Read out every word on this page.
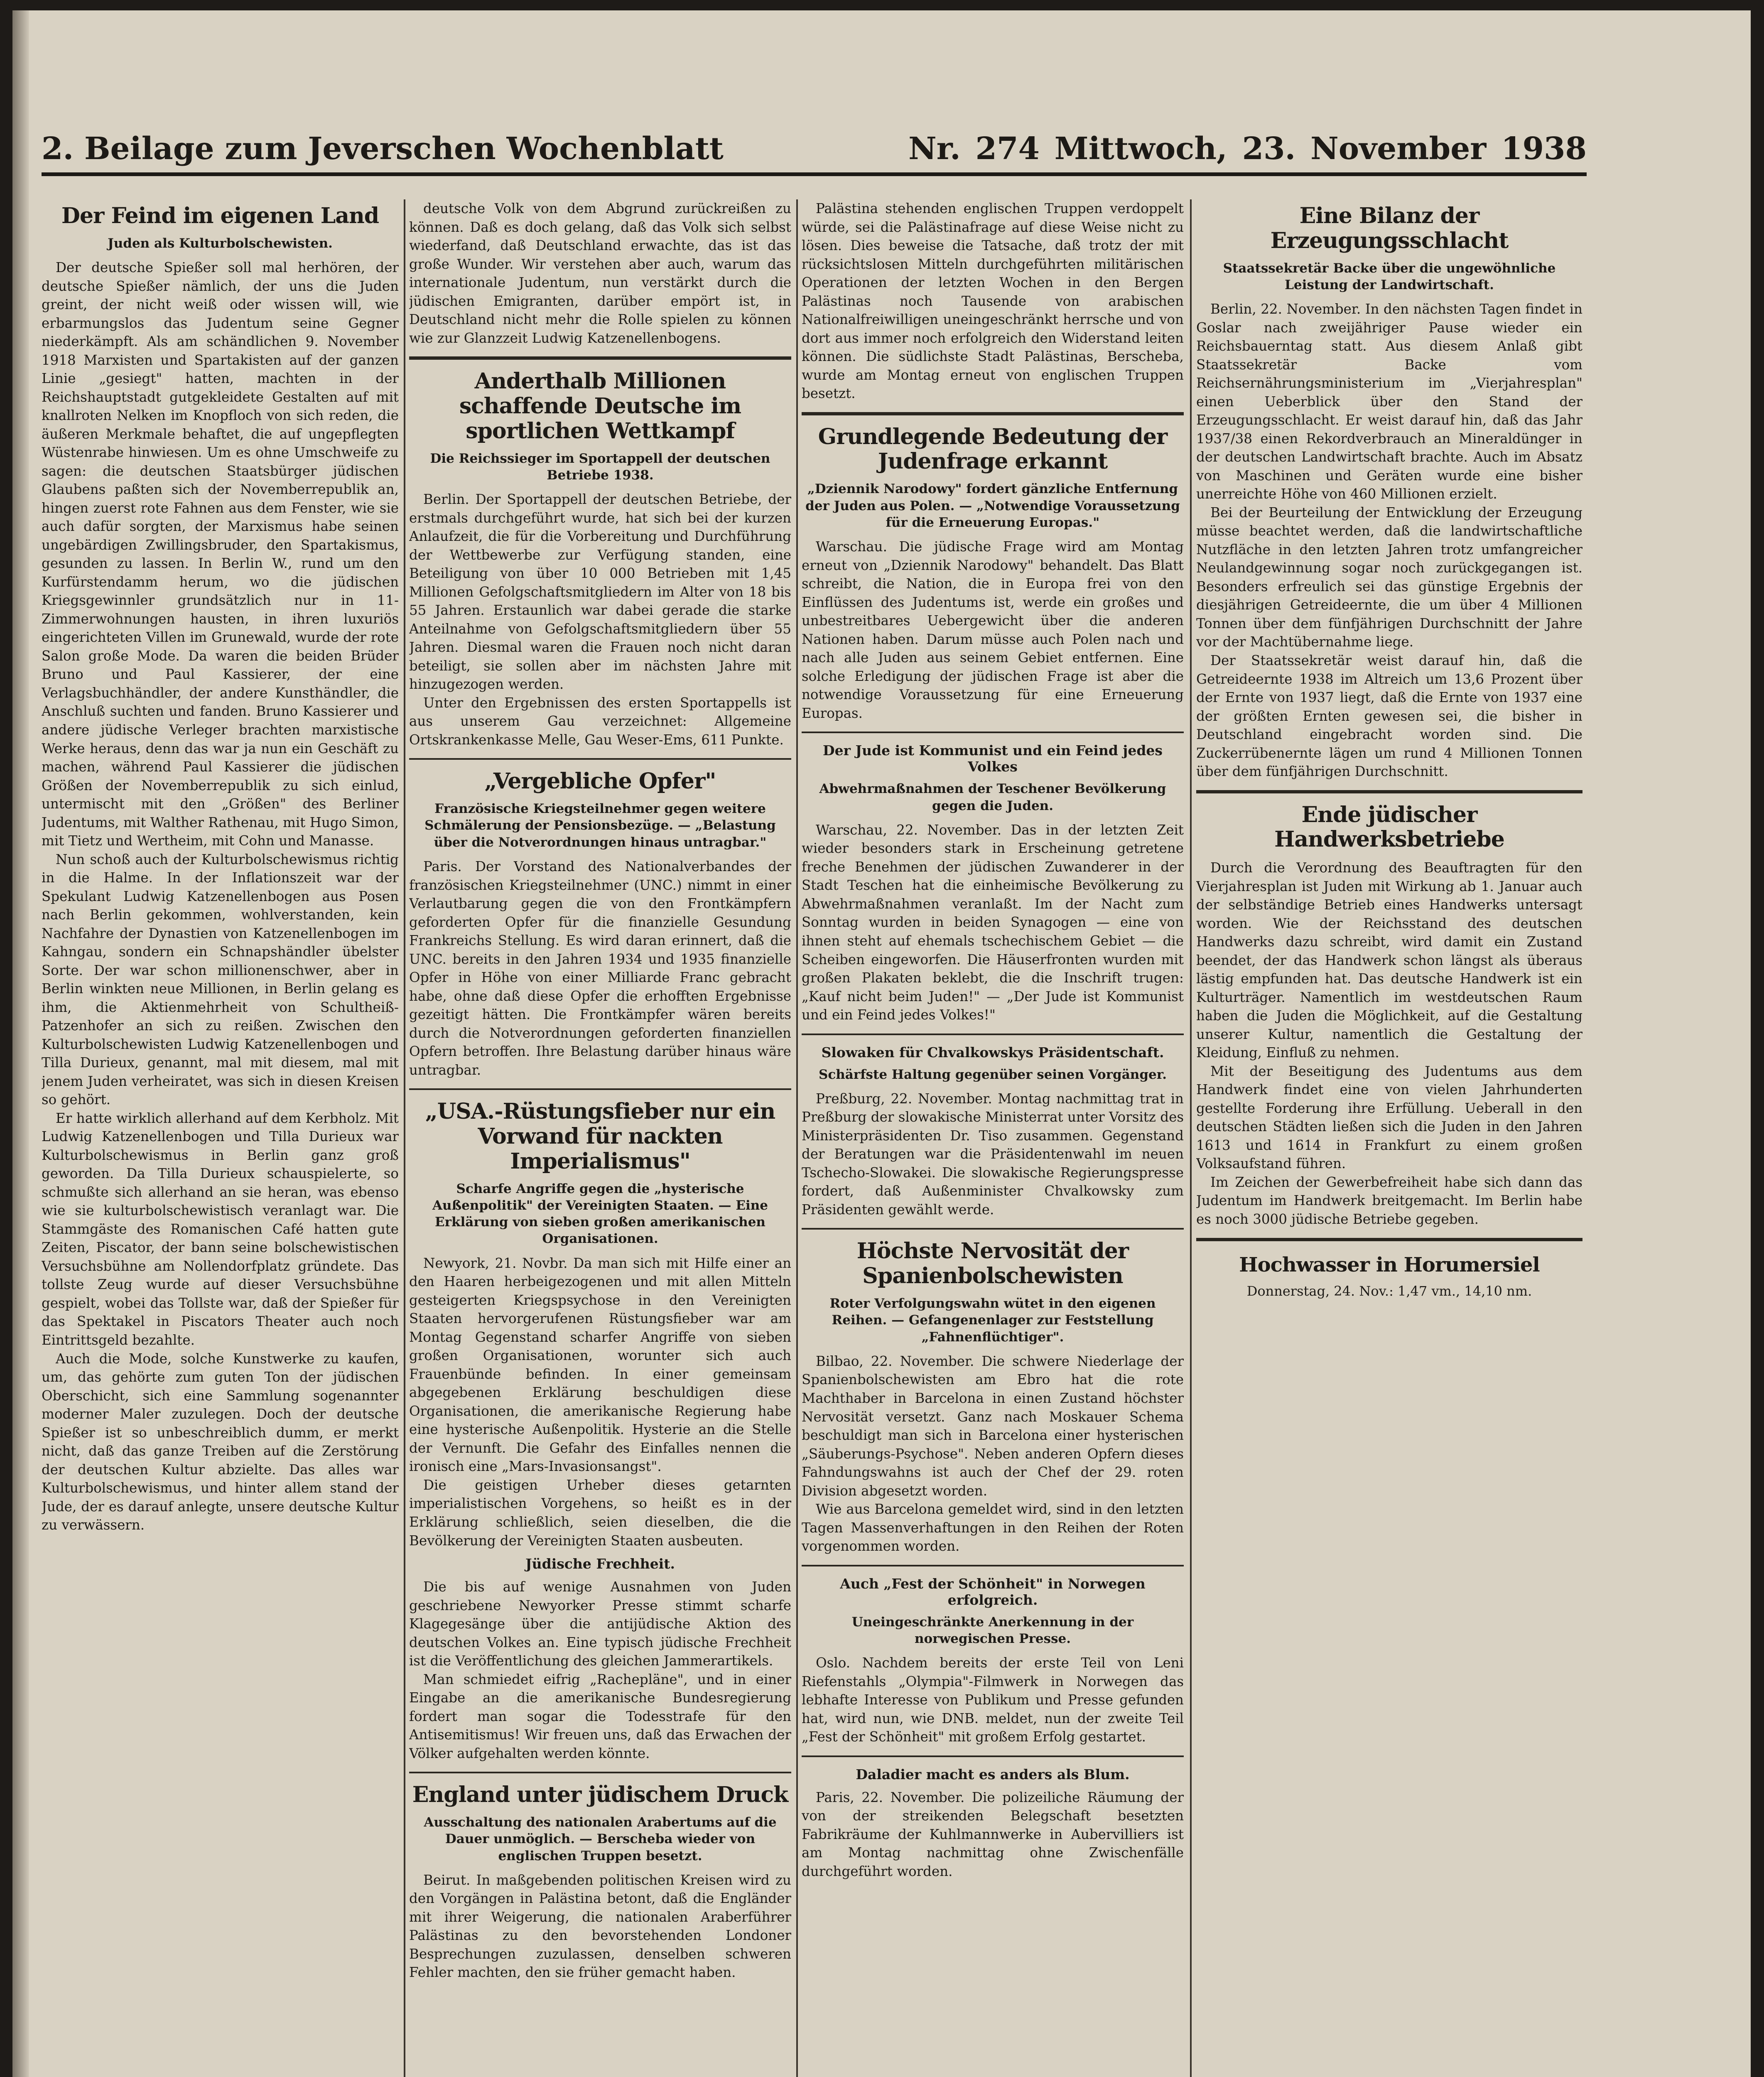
2. Beilage zum Jeverschen Wochenblatt	Nr. 274 Mittwoch, 23. November 1938
Der Feind im eigenen Land
Juden als Kulturbolschewisten.

Der deutsche Spießer soll mal herhören, der deutsche Spießer nämlich, der uns die Juden greint, der nicht weiß oder wissen will, wie erbarmungslos das Judentum seine Gegner niederkämpft. Als am schändlichen 9. November 1918 Marxisten und Spartakisten auf der ganzen Linie „gesiegt" hatten, machten in der Reichshauptstadt gutgekleidete Gestalten auf mit knallroten Nelken im Knopfloch von sich reden, die äußeren Merkmale behaftet, die auf ungepflegten Wüstenrabe hinwiesen. Um es ohne Umschweife zu sagen: die deutschen Staatsbürger jüdischen Glaubens paßten sich der Novemberrepublik an, hingen zuerst rote Fahnen aus dem Fenster, wie sie auch dafür sorgten, der Marxismus habe seinen ungebärdigen Zwillingsbruder, den Spartakismus, gesunden zu lassen. In Berlin W., rund um den Kurfürstendamm herum, wo die jüdischen Kriegsgewinnler grundsätzlich nur in 11-Zimmerwohnungen hausten, in ihren luxuriös eingerichteten Villen im Grunewald, wurde der rote Salon große Mode. Da waren die beiden Brüder Bruno und Paul Kassierer, der eine Verlagsbuchhändler, der andere Kunsthändler, die Anschluß suchten und fanden. Bruno Kassierer und andere jüdische Verleger brachten marxistische Werke heraus, denn das war ja nun ein Geschäft zu machen, während Paul Kassierer die jüdischen Größen der Novemberrepublik zu sich einlud, untermischt mit den „Größen" des Berliner Judentums, mit Walther Rathenau, mit Hugo Simon, mit Tietz und Wertheim, mit Cohn und Manasse.

Nun schoß auch der Kulturbolschewismus richtig in die Halme. In der Inflationszeit war der Spekulant Ludwig Katzenellenbogen aus Posen nach Berlin gekommen, wohlverstanden, kein Nachfahre der Dynastien von Katzenellenbogen im Kahngau, sondern ein Schnapshändler übelster Sorte. Der war schon millionenschwer, aber in Berlin winkten neue Millionen, in Berlin gelang es ihm, die Aktienmehrheit von Schultheiß-Patzenhofer an sich zu reißen. Zwischen den Kulturbolschewisten Ludwig Katzenellenbogen und Tilla Durieux, genannt, mal mit diesem, mal mit jenem Juden verheiratet, was sich in diesen Kreisen so gehört.

Er hatte wirklich allerhand auf dem Kerbholz. Mit Ludwig Katzenellenbogen und Tilla Durieux war Kulturbolschewismus in Berlin ganz groß geworden. Da Tilla Durieux schauspielerte, so schmußte sich allerhand an sie heran, was ebenso wie sie kulturbolschewistisch veranlagt war. Die Stammgäste des Romanischen Café hatten gute Zeiten, Piscator, der bann seine bolschewistischen Versuchsbühne am Nollendorfplatz gründete. Das tollste Zeug wurde auf dieser Versuchsbühne gespielt, wobei das Tollste war, daß der Spießer für das Spektakel in Piscators Theater auch noch Eintrittsgeld bezahlte.

Auch die Mode, solche Kunstwerke zu kaufen, um, das gehörte zum guten Ton der jüdischen Oberschicht, sich eine Sammlung sogenannter moderner Maler zuzulegen. Doch der deutsche Spießer ist so unbeschreiblich dumm, er merkt nicht, daß das ganze Treiben auf die Zerstörung der deutschen Kultur abzielte. Das alles war Kulturbolschewismus, und hinter allem stand der Jude, der es darauf anlegte, unsere deutsche Kultur zu verwässern.

deutsche Volk von dem Abgrund zurückreißen zu können. Daß es doch gelang, daß das Volk sich selbst wiederfand, daß Deutschland erwachte, das ist das große Wunder. Wir verstehen aber auch, warum das internationale Judentum, nun verstärkt durch die jüdischen Emigranten, darüber empört ist, in Deutschland nicht mehr die Rolle spielen zu können wie zur Glanzzeit Ludwig Katzenellenbogens.

Anderthalb Millionen schaffende Deutsche im sportlichen Wettkampf
Die Reichssieger im Sportappell der deutschen Betriebe 1938.

Berlin. Der Sportappell der deutschen Betriebe, der erstmals durchgeführt wurde, hat sich bei der kurzen Anlaufzeit, die für die Vorbereitung und Durchführung der Wettbewerbe zur Verfügung standen, eine Beteiligung von über 10 000 Betrieben mit 1,45 Millionen Gefolgschaftsmitgliedern im Alter von 18 bis 55 Jahren. Erstaunlich war dabei gerade die starke Anteilnahme von Gefolgschaftsmitgliedern über 55 Jahren. Diesmal waren die Frauen noch nicht daran beteiligt, sie sollen aber im nächsten Jahre mit hinzugezogen werden.

Unter den Ergebnissen des ersten Sportappells ist aus unserem Gau verzeichnet: Allgemeine Ortskrankenkasse Melle, Gau Weser-Ems, 611 Punkte.

„Vergebliche Opfer"
Französische Kriegsteilnehmer gegen weitere Schmälerung der Pensionsbezüge. — „Belastung über die Notverordnungen hinaus untragbar."

Paris. Der Vorstand des Nationalverbandes der französischen Kriegsteilnehmer (UNC.) nimmt in einer Verlautbarung gegen die von den Frontkämpfern geforderten Opfer für die finanzielle Gesundung Frankreichs Stellung. Es wird daran erinnert, daß die UNC. bereits in den Jahren 1934 und 1935 finanzielle Opfer in Höhe von einer Milliarde Franc gebracht habe, ohne daß diese Opfer die erhofften Ergebnisse gezeitigt hätten. Die Frontkämpfer wären bereits durch die Notverordnungen geforderten finanziellen Opfern betroffen. Ihre Belastung darüber hinaus wäre untragbar.

„USA.-Rüstungsfieber nur ein Vorwand für nackten Imperialismus"
Scharfe Angriffe gegen die „hysterische Außenpolitik" der Vereinigten Staaten. — Eine Erklärung von sieben großen amerikanischen Organisationen.

Newyork, 21. Novbr. Da man sich mit Hilfe einer an den Haaren herbeigezogenen und mit allen Mitteln gesteigerten Kriegspsychose in den Vereinigten Staaten hervorgerufenen Rüstungsfieber war am Montag Gegenstand scharfer Angriffe von sieben großen Organisationen, worunter sich auch Frauenbünde befinden. In einer gemeinsam abgegebenen Erklärung beschuldigen diese Organisationen, die amerikanische Regierung habe eine hysterische Außenpolitik. Hysterie an die Stelle der Vernunft. Die Gefahr des Einfalles nennen die ironisch eine „Mars-Invasionsangst".

Die geistigen Urheber dieses getarnten imperialistischen Vorgehens, so heißt es in der Erklärung schließlich, seien dieselben, die die Bevölkerung der Vereinigten Staaten ausbeuten.

Jüdische Frechheit.

Die bis auf wenige Ausnahmen von Juden geschriebene Newyorker Presse stimmt scharfe Klagegesänge über die antijüdische Aktion des deutschen Volkes an. Eine typisch jüdische Frechheit ist die Veröffentlichung des gleichen Jammerartikels.

Man schmiedet eifrig „Rachepläne", und in einer Eingabe an die amerikanische Bundesregierung fordert man sogar die Todesstrafe für den Antisemitismus! Wir freuen uns, daß das Erwachen der Völker aufgehalten werden könnte.

England unter jüdischem Druck
Ausschaltung des nationalen Arabertums auf die Dauer unmöglich. — Berscheba wieder von englischen Truppen besetzt.

Beirut. In maßgebenden politischen Kreisen wird zu den Vorgängen in Palästina betont, daß die Engländer mit ihrer Weigerung, die nationalen Araberführer Palästinas zu den bevorstehenden Londoner Besprechungen zuzulassen, denselben schweren Fehler machten, den sie früher gemacht haben.

Palästina stehenden englischen Truppen verdoppelt würde, sei die Palästinafrage auf diese Weise nicht zu lösen. Dies beweise die Tatsache, daß trotz der mit rücksichtslosen Mitteln durchgeführten militärischen Operationen der letzten Wochen in den Bergen Palästinas noch Tausende von arabischen Nationalfreiwilligen uneingeschränkt herrsche und von dort aus immer noch erfolgreich den Widerstand leiten können. Die südlichste Stadt Palästinas, Berscheba, wurde am Montag erneut von englischen Truppen besetzt.

Grundlegende Bedeutung der Judenfrage erkannt
„Dziennik Narodowy" fordert gänzliche Entfernung der Juden aus Polen. — „Notwendige Voraussetzung für die Erneuerung Europas."

Warschau. Die jüdische Frage wird am Montag erneut von „Dziennik Narodowy" behandelt. Das Blatt schreibt, die Nation, die in Europa frei von den Einflüssen des Judentums ist, werde ein großes und unbestreitbares Uebergewicht über die anderen Nationen haben. Darum müsse auch Polen nach und nach alle Juden aus seinem Gebiet entfernen. Eine solche Erledigung der jüdischen Frage ist aber die notwendige Voraussetzung für eine Erneuerung Europas.

Der Jude ist Kommunist und ein Feind jedes Volkes
Abwehrmaßnahmen der Teschener Bevölkerung gegen die Juden.

Warschau, 22. November. Das in der letzten Zeit wieder besonders stark in Erscheinung getretene freche Benehmen der jüdischen Zuwanderer in der Stadt Teschen hat die einheimische Bevölkerung zu Abwehrmaßnahmen veranlaßt. Im der Nacht zum Sonntag wurden in beiden Synagogen — eine von ihnen steht auf ehemals tschechischem Gebiet — die Scheiben eingeworfen. Die Häuserfronten wurden mit großen Plakaten beklebt, die die Inschrift trugen: „Kauf nicht beim Juden!" — „Der Jude ist Kommunist und ein Feind jedes Volkes!"

Slowaken für Chvalkowskys Präsidentschaft.
Schärfste Haltung gegenüber seinen Vorgänger.

Preßburg, 22. November. Montag nachmittag trat in Preßburg der slowakische Ministerrat unter Vorsitz des Ministerpräsidenten Dr. Tiso zusammen. Gegenstand der Beratungen war die Präsidentenwahl im neuen Tschecho-Slowakei. Die slowakische Regierungspresse fordert, daß Außenminister Chvalkowsky zum Präsidenten gewählt werde.

Höchste Nervosität der Spanienbolschewisten
Roter Verfolgungswahn wütet in den eigenen Reihen. — Gefangenenlager zur Feststellung „Fahnenflüchtiger".

Bilbao, 22. November. Die schwere Niederlage der Spanienbolschewisten am Ebro hat die rote Machthaber in Barcelona in einen Zustand höchster Nervosität versetzt. Ganz nach Moskauer Schema beschuldigt man sich in Barcelona einer hysterischen „Säuberungs-Psychose". Neben anderen Opfern dieses Fahndungswahns ist auch der Chef der 29. roten Division abgesetzt worden.

Wie aus Barcelona gemeldet wird, sind in den letzten Tagen Massenverhaftungen in den Reihen der Roten vorgenommen worden.

Auch „Fest der Schönheit" in Norwegen erfolgreich.
Uneingeschränkte Anerkennung in der norwegischen Presse.

Oslo. Nachdem bereits der erste Teil von Leni Riefenstahls „Olympia"-Filmwerk in Norwegen das lebhafte Interesse von Publikum und Presse gefunden hat, wird nun, wie DNB. meldet, nun der zweite Teil „Fest der Schönheit" mit großem Erfolg gestartet.

Daladier macht es anders als Blum.

Paris, 22. November. Die polizeiliche Räumung der von der streikenden Belegschaft besetzten Fabrikräume der Kuhlmannwerke in Aubervilliers ist am Montag nachmittag ohne Zwischenfälle durchgeführt worden.

Eine Bilanz der Erzeugungsschlacht
Staatssekretär Backe über die ungewöhnliche Leistung der Landwirtschaft.

Berlin, 22. November. In den nächsten Tagen findet in Goslar nach zweijähriger Pause wieder ein Reichsbauerntag statt. Aus diesem Anlaß gibt Staatssekretär Backe vom Reichsernährungsministerium im „Vierjahresplan" einen Ueberblick über den Stand der Erzeugungsschlacht. Er weist darauf hin, daß das Jahr 1937/38 einen Rekordverbrauch an Mineraldünger in der deutschen Landwirtschaft brachte. Auch im Absatz von Maschinen und Geräten wurde eine bisher unerreichte Höhe von 460 Millionen erzielt.

Bei der Beurteilung der Entwicklung der Erzeugung müsse beachtet werden, daß die landwirtschaftliche Nutzfläche in den letzten Jahren trotz umfangreicher Neulandgewinnung sogar noch zurückgegangen ist. Besonders erfreulich sei das günstige Ergebnis der diesjährigen Getreideernte, die um über 4 Millionen Tonnen über dem fünfjährigen Durchschnitt der Jahre vor der Machtübernahme liege.

Der Staatssekretär weist darauf hin, daß die Getreideernte 1938 im Altreich um 13,6 Prozent über der Ernte von 1937 liegt, daß die Ernte von 1937 eine der größten Ernten gewesen sei, die bisher in Deutschland eingebracht worden sind. Die Zuckerrübenernte lägen um rund 4 Millionen Tonnen über dem fünfjährigen Durchschnitt.

Ende jüdischer Handwerksbetriebe

Durch die Verordnung des Beauftragten für den Vierjahresplan ist Juden mit Wirkung ab 1. Januar auch der selbständige Betrieb eines Handwerks untersagt worden. Wie der Reichsstand des deutschen Handwerks dazu schreibt, wird damit ein Zustand beendet, der das Handwerk schon längst als überaus lästig empfunden hat. Das deutsche Handwerk ist ein Kulturträger. Namentlich im westdeutschen Raum haben die Juden die Möglichkeit, auf die Gestaltung unserer Kultur, namentlich die Gestaltung der Kleidung, Einfluß zu nehmen.

Mit der Beseitigung des Judentums aus dem Handwerk findet eine von vielen Jahrhunderten gestellte Forderung ihre Erfüllung. Ueberall in den deutschen Städten ließen sich die Juden in den Jahren 1613 und 1614 in Frankfurt zu einem großen Volksaufstand führen.

Im Zeichen der Gewerbefreiheit habe sich dann das Judentum im Handwerk breitgemacht. Im Berlin habe es noch 3000 jüdische Betriebe gegeben.

Hochwasser in Horumersiel
Donnerstag, 24. Nov.: 1,47 vm., 14,10 nm.
